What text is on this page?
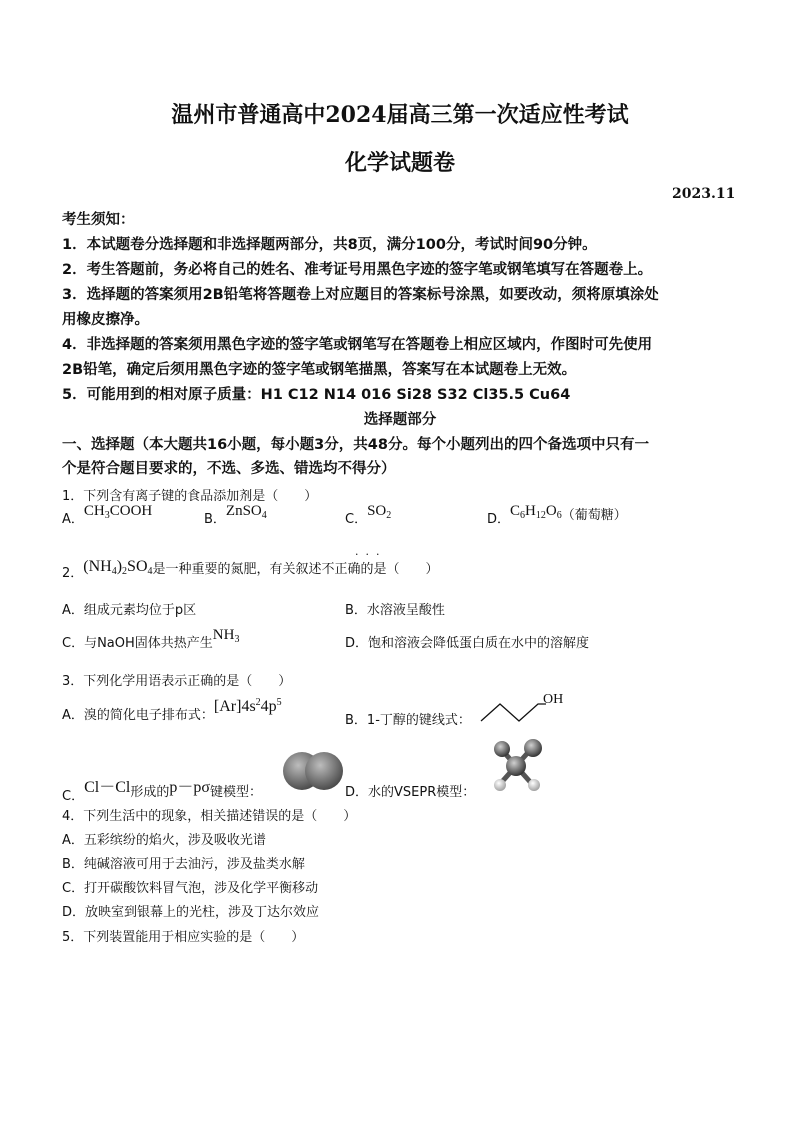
温州市普通高中2024届高三第一次适应性考试
化学试题卷
2023.11
考生须知：
1．本试题卷分选择题和非选择题两部分，共8页，满分100分，考试时间90分钟。
2．考生答题前，务必将自己的姓名、准考证号用黑色字迹的签字笔或钢笔填写在答题卷上。
3．选择题的答案须用2B铅笔将答题卷上对应题目的答案标号涂黑，如要改动，须将原填涂处
用橡皮擦净。
4．非选择题的答案须用黑色字迹的签字笔或钢笔写在答题卷上相应区域内，作图时可先使用
2B铅笔，确定后须用黑色字迹的签字笔或钢笔描黑，答案写在本试题卷上无效。
5．可能用到的相对原子质量：H1 C12 N14 016 Si28 S32 Cl35.5 Cu64
选择题部分
一、选择题（本大题共16小题，每小题3分，共48分。每个小题列出的四个备选项中只有一
个是符合题目要求的，不选、多选、错选均不得分）
1．下列含有离子键的食品添加剂是（　　）
A．$CH_3COOH$
B．ZnSO$_4$	C．$SO_2$	D．$C_6H_{12}O_6^{(葡萄糖)}$
$_{2.}(NH_4)_2SO_4$是一种重要的氮肥，有关叙述不正确的是（　　）
·  ·  ·
A．组成元素均位于p区	B．水溶液呈酸性
$_{C.与NaOH固体共热产生}NH_3$	D．饱和溶液会降低蛋白质在水中的溶解度
3．下列化学用语表示正确的是（　　）
$_{A.溴的简化电子排布式:}[Ar]4s^24p^5$
B．1-丁醇的键线式：
OH
$_{C.}Cl-Cl_{形成的}p-p\sigma_{键模型:}$	D．水的VSEPR模型：
4．下列生活中的现象，相关描述错误的是（　　）
A．五彩缤纷的焰火，涉及吸收光谱
B．纯碱溶液可用于去油污，涉及盐类水解
C．打开碳酸饮料冒气泡，涉及化学平衡移动
D．放映室到银幕上的光柱，涉及丁达尔效应
5．下列装置能用于相应实验的是（　　）
